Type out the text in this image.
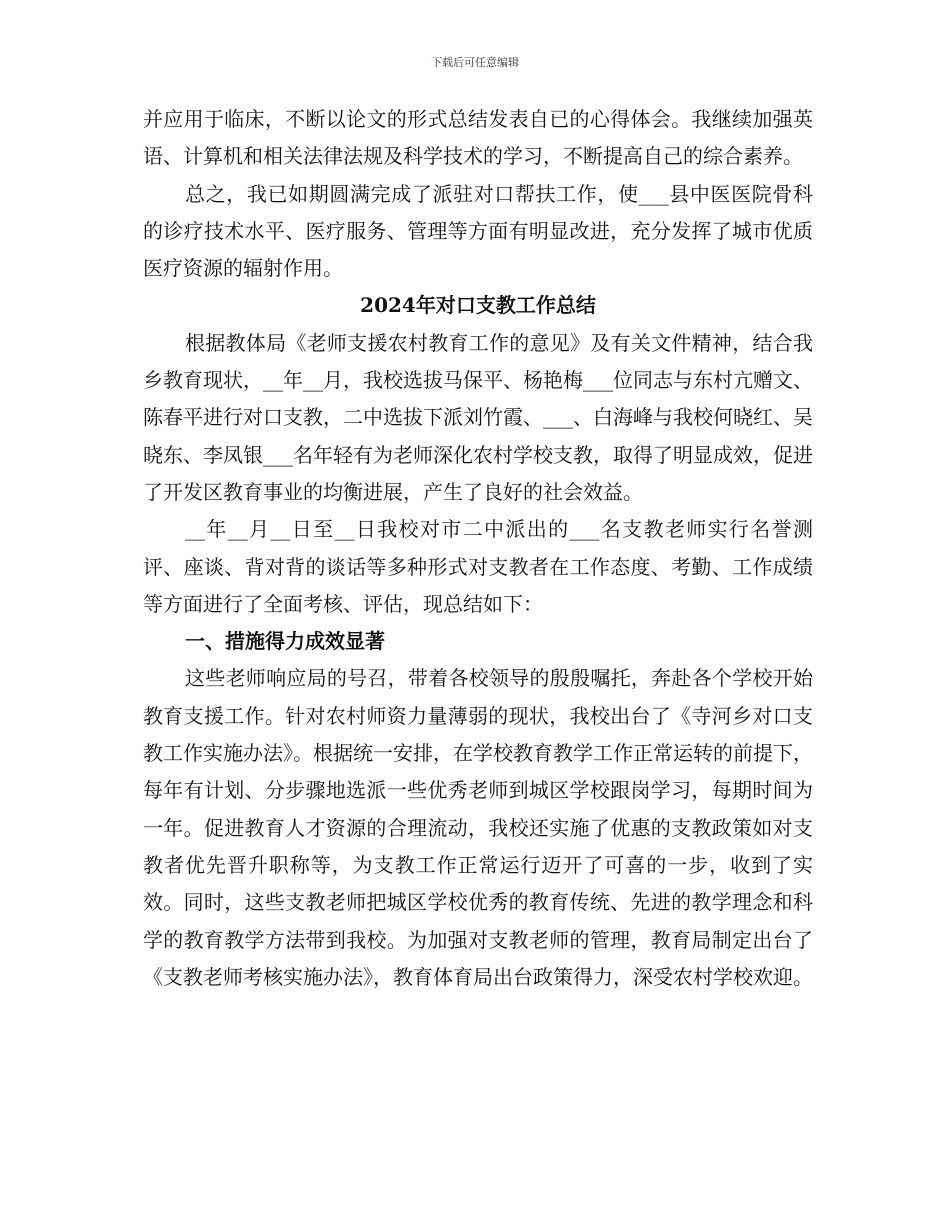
下载后可任意编辑

并应用于临床，不断以论文的形式总结发表自已的心得体会。我继续加强英语、计算机和相关法律法规及科学技术的学习，不断提高自己的综合素养。

总之，我已如期圆满完成了派驻对口帮扶工作，使___县中医医院骨科的诊疗技术水平、医疗服务、管理等方面有明显改进，充分发挥了城市优质医疗资源的辐射作用。

2024年对口支教工作总结

根据教体局《老师支援农村教育工作的意见》及有关文件精神，结合我乡教育现状，__年__月，我校选拔马保平、杨艳梅___位同志与东村亢赠文、陈春平进行对口支教，二中选拔下派刘竹霞、___、白海峰与我校何晓红、吴晓东、李凤银___名年轻有为老师深化农村学校支教，取得了明显成效，促进了开发区教育事业的均衡进展，产生了良好的社会效益。

__年__月__日至__日我校对市二中派出的___名支教老师实行名誉测评、座谈、背对背的谈话等多种形式对支教者在工作态度、考勤、工作成绩等方面进行了全面考核、评估，现总结如下：

一、措施得力成效显著

这些老师响应局的号召，带着各校领导的殷殷嘱托，奔赴各个学校开始教育支援工作。针对农村师资力量薄弱的现状，我校出台了《寺河乡对口支教工作实施办法》。根据统一安排，在学校教育教学工作正常运转的前提下，每年有计划、分步骤地选派一些优秀老师到城区学校跟岗学习，每期时间为一年。促进教育人才资源的合理流动，我校还实施了优惠的支教政策如对支教者优先晋升职称等，为支教工作正常运行迈开了可喜的一步，收到了实效。同时，这些支教老师把城区学校优秀的教育传统、先进的教学理念和科学的教育教学方法带到我校。为加强对支教老师的管理，教育局制定出台了《支教老师考核实施办法》，教育体育局出台政策得力，深受农村学校欢迎。
